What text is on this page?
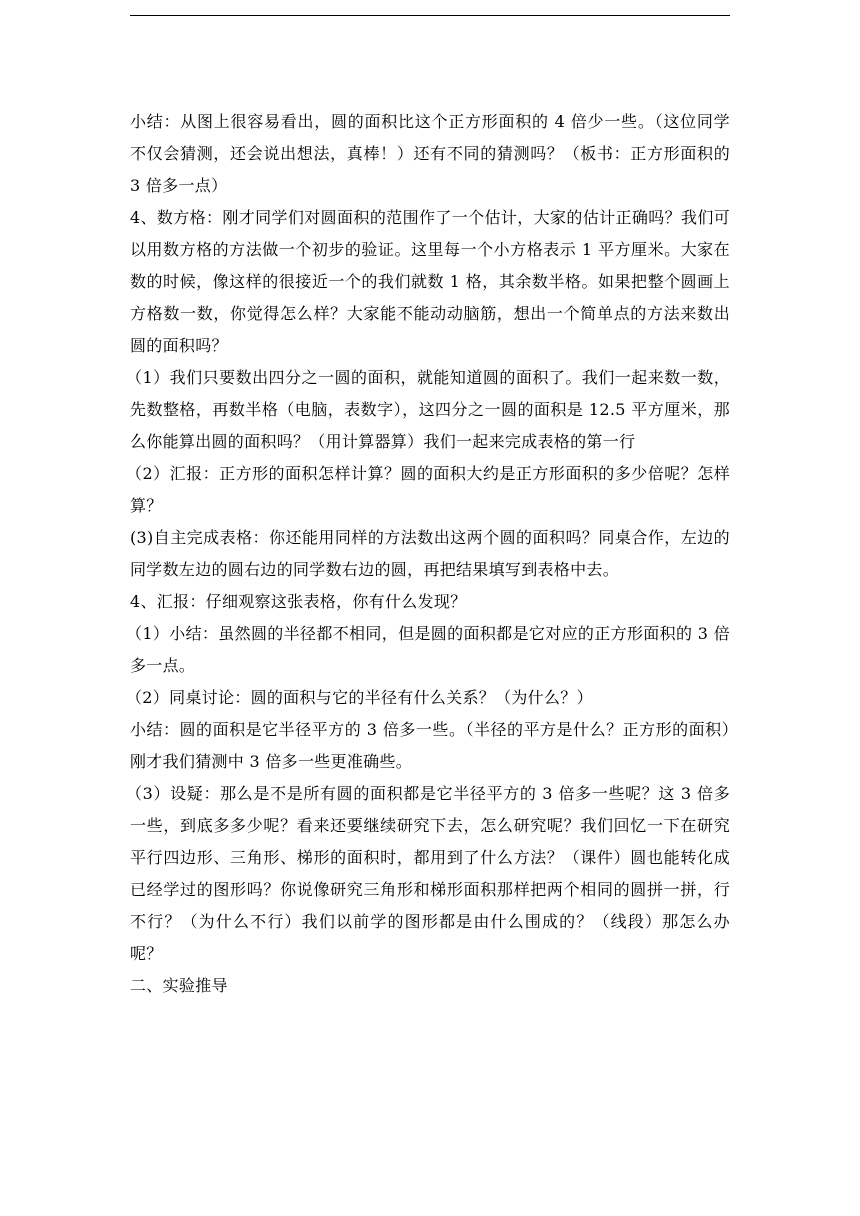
小结：从图上很容易看出，圆的面积比这个正方形面积的 4 倍少一些。（这位同学不仅会猜测，还会说出想法，真棒！）还有不同的猜测吗？（板书：正方形面积的 3 倍多一点）

4、数方格：刚才同学们对圆面积的范围作了一个估计，大家的估计正确吗？我们可以用数方格的方法做一个初步的验证。这里每一个小方格表示 1 平方厘米。大家在数的时候，像这样的很接近一个的我们就数 1 格，其余数半格。如果把整个圆画上方格数一数，你觉得怎么样？大家能不能动动脑筋，想出一个简单点的方法来数出圆的面积吗？

（1）我们只要数出四分之一圆的面积，就能知道圆的面积了。我们一起来数一数，先数整格，再数半格（电脑，表数字），这四分之一圆的面积是 12.5 平方厘米，那么你能算出圆的面积吗？（用计算器算）我们一起来完成表格的第一行

（2）汇报：正方形的面积怎样计算？圆的面积大约是正方形面积的多少倍呢？怎样算？

(3)自主完成表格：你还能用同样的方法数出这两个圆的面积吗？同桌合作，左边的同学数左边的圆右边的同学数右边的圆，再把结果填写到表格中去。

4、汇报：仔细观察这张表格，你有什么发现？

（1）小结：虽然圆的半径都不相同，但是圆的面积都是它对应的正方形面积的 3 倍多一点。

（2）同桌讨论：圆的面积与它的半径有什么关系？（为什么？）

小结：圆的面积是它半径平方的 3 倍多一些。（半径的平方是什么？正方形的面积）刚才我们猜测中 3 倍多一些更准确些。

（3）设疑：那么是不是所有圆的面积都是它半径平方的 3 倍多一些呢？这 3 倍多一些，到底多多少呢？看来还要继续研究下去，怎么研究呢？我们回忆一下在研究平行四边形、三角形、梯形的面积时，都用到了什么方法？（课件）圆也能转化成已经学过的图形吗？你说像研究三角形和梯形面积那样把两个相同的圆拼一拼，行不行？（为什么不行）我们以前学的图形都是由什么围成的？（线段）那怎么办呢？

二、实验推导
